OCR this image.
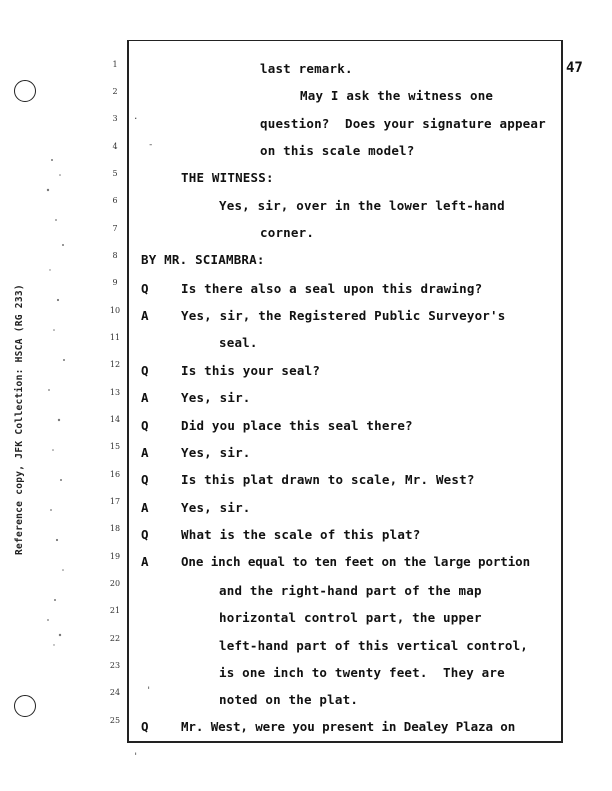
Reference copy, JFK Collection: HSCA (RG 233)
47
1
2
3
4
5
6
7
8
9
10
11
12
13
14
15
16
17
18
19
20
21
22
23
24
25
Q
A
Q
A
Q
A
Q
A
Q
A
Q
last remark.
May I ask the witness one
question?  Does your signature appear
on this scale model?
THE WITNESS:
Yes, sir, over in the lower left-hand
corner.
BY MR. SCIAMBRA:
Is there also a seal upon this drawing?
Yes, sir, the Registered Public Surveyor's
seal.
Is this your seal?
Yes, sir.
Did you place this seal there?
Yes, sir.
Is this plat drawn to scale, Mr. West?
Yes, sir.
What is the scale of this plat?
One inch equal to ten feet on the large portion
and the right-hand part of the map
horizontal control part, the upper
left-hand part of this vertical control,
is one inch to twenty feet.  They are
noted on the plat.
Mr. West, were you present in Dealey Plaza on
.
-
'
'
